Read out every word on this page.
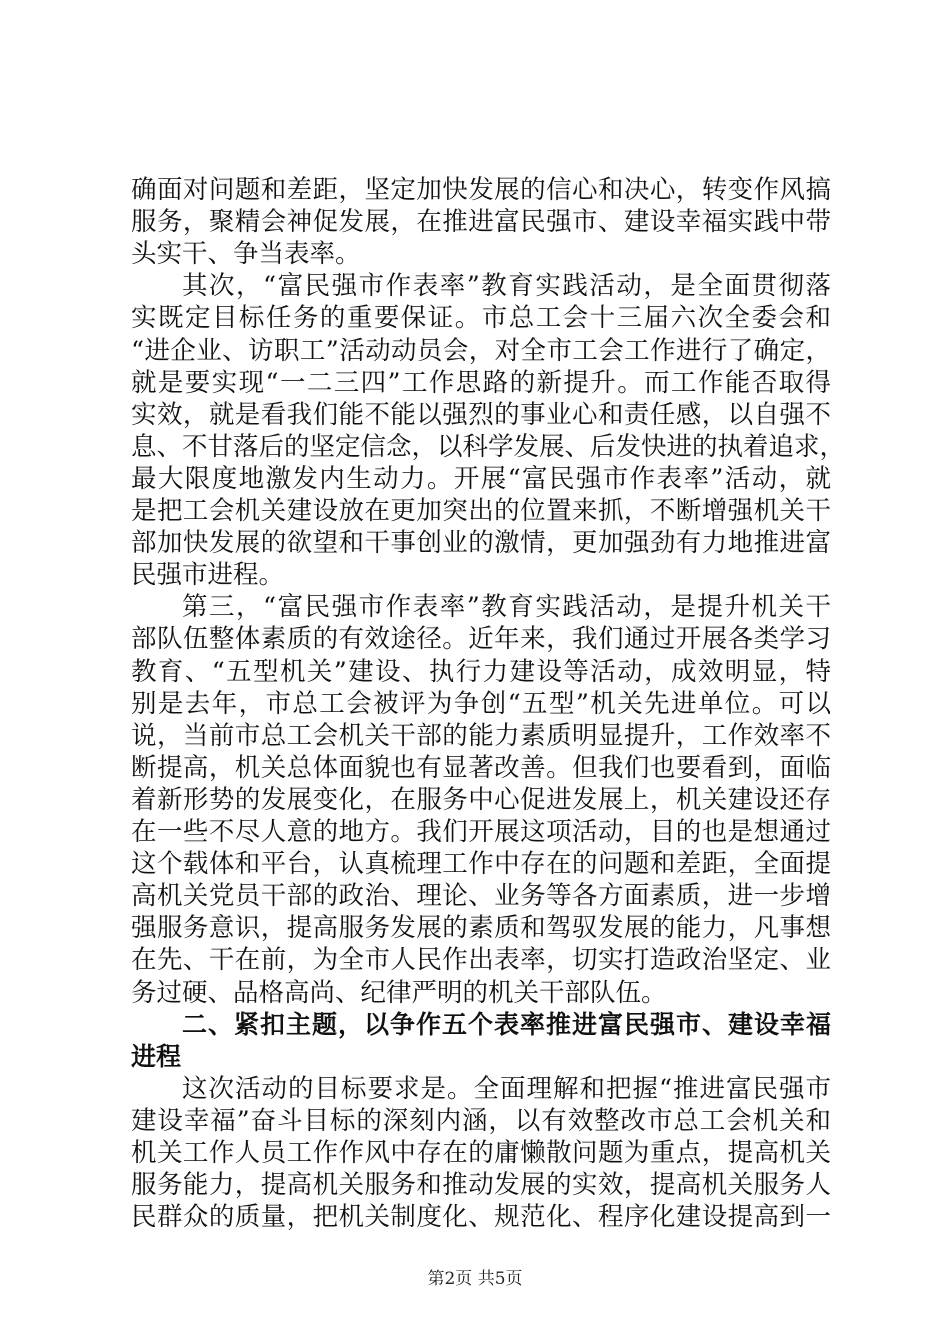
确面对问题和差距，坚定加快发展的信心和决心，转变作风搞
服务，聚精会神促发展，在推进富民强市、建设幸福实践中带
头实干、争当表率。
其次，“富民强市作表率”教育实践活动，是全面贯彻落
实既定目标任务的重要保证。市总工会十三届六次全委会和
“进企业、访职工”活动动员会，对全市工会工作进行了确定，
就是要实现“一二三四”工作思路的新提升。而工作能否取得
实效，就是看我们能不能以强烈的事业心和责任感，以自强不
息、不甘落后的坚定信念，以科学发展、后发快进的执着追求，
最大限度地激发内生动力。开展“富民强市作表率”活动，就
是把工会机关建设放在更加突出的位置来抓，不断增强机关干
部加快发展的欲望和干事创业的激情，更加强劲有力地推进富
民强市进程。
第三，“富民强市作表率”教育实践活动，是提升机关干
部队伍整体素质的有效途径。近年来，我们通过开展各类学习
教育、“五型机关”建设、执行力建设等活动，成效明显，特
别是去年，市总工会被评为争创“五型”机关先进单位。可以
说，当前市总工会机关干部的能力素质明显提升，工作效率不
断提高，机关总体面貌也有显著改善。但我们也要看到，面临
着新形势的发展变化，在服务中心促进发展上，机关建设还存
在一些不尽人意的地方。我们开展这项活动，目的也是想通过
这个载体和平台，认真梳理工作中存在的问题和差距，全面提
高机关党员干部的政治、理论、业务等各方面素质，进一步增
强服务意识，提高服务发展的素质和驾驭发展的能力，凡事想
在先、干在前，为全市人民作出表率，切实打造政治坚定、业
务过硬、品格高尚、纪律严明的机关干部队伍。
二、紧扣主题，以争作五个表率推进富民强市、建设幸福
进程
这次活动的目标要求是。全面理解和把握“推进富民强市
建设幸福”奋斗目标的深刻内涵，以有效整改市总工会机关和
机关工作人员工作作风中存在的庸懒散问题为重点，提高机关
服务能力，提高机关服务和推动发展的实效，提高机关服务人
民群众的质量，把机关制度化、规范化、程序化建设提高到一
第2页 共5页
